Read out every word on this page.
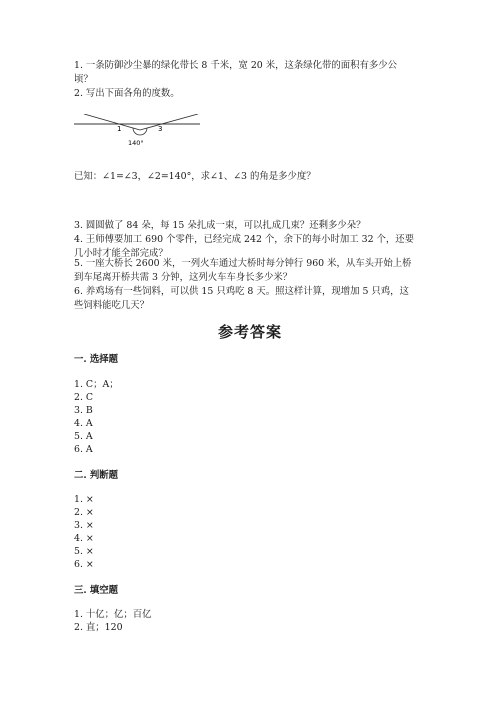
1. 一条防御沙尘暴的绿化带长 8 千米，宽 20 米，这条绿化带的面积有多少公
顷？
2. 写出下面各角的度数。
1	3
140°
已知：∠1=∠3，∠2=140°，求∠1、∠3 的角是多少度？
3. 圆圆做了 84 朵，每 15 朵扎成一束，可以扎成几束？还剩多少朵？
4. 王师傅要加工 690 个零件，已经完成 242 个，余下的每小时加工 32 个，还要
几小时才能全部完成？
5. 一座大桥长 2600 米，一列火车通过大桥时每分钟行 960 米，从车头开始上桥
到车尾离开桥共需 3 分钟，这列火车车身长多少米？
6. 养鸡场有一些饲料，可以供 15 只鸡吃 8 天。照这样计算，现增加 5 只鸡，这
些饲料能吃几天？
参考答案
一. 选择题
1. C；A；
2. C
3. B
4. A
5. A
6. A
二. 判断题
1. ×
2. ×
3. ×
4. ×
5. ×
6. ×
三. 填空题
1. 十亿；亿；百亿
2. 直；120
